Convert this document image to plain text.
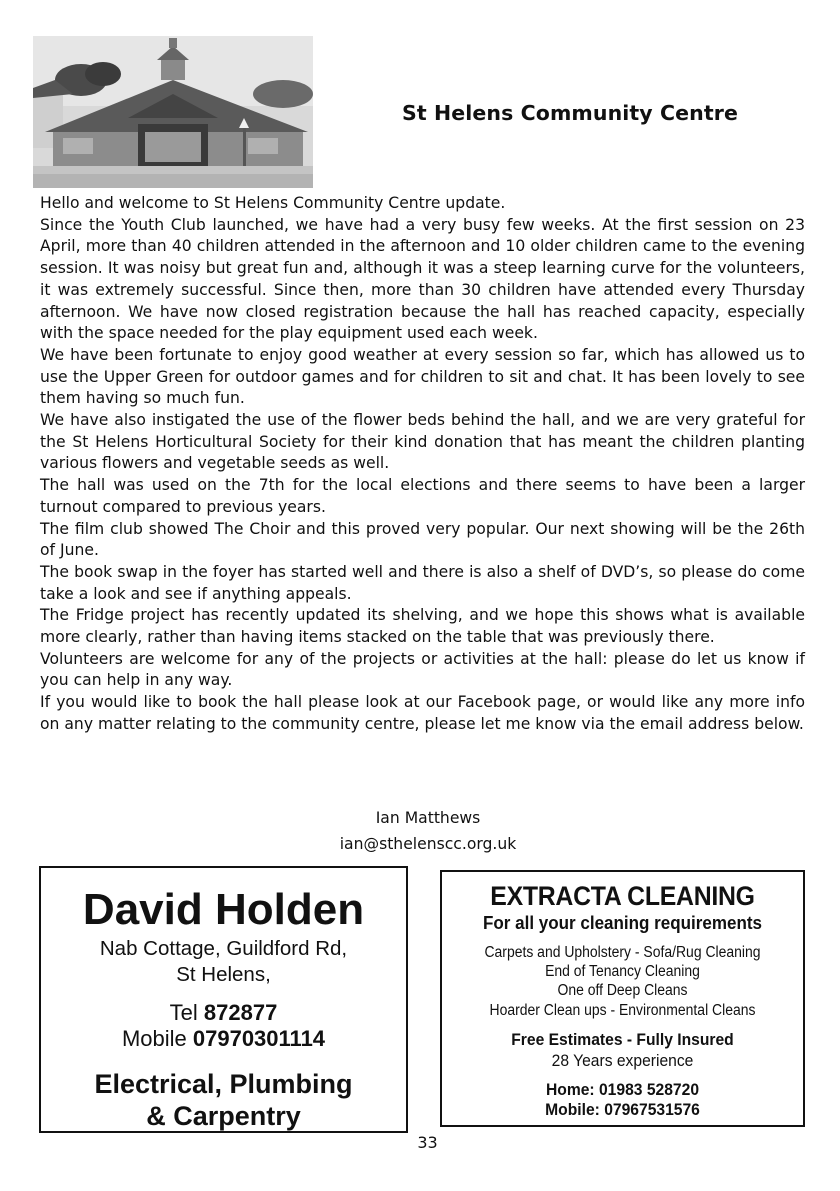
St Helens Community Centre

Hello and welcome to St Helens Community Centre update.

Since the Youth Club launched, we have had a very busy few weeks. At the first session on 23 April, more than 40 children attended in the afternoon and 10 older children came to the evening session. It was noisy but great fun and, although it was a steep learning curve for the volunteers, it was extremely successful. Since then, more than 30 children have attended every Thursday afternoon. We have now closed registration because the hall has reached capacity, especially with the space needed for the play equipment used each week.

We have been fortunate to enjoy good weather at every session so far, which has allowed us to use the Upper Green for outdoor games and for children to sit and chat. It has been lovely to see them having so much fun.

We have also instigated the use of the flower beds behind the hall, and we are very grateful for the St Helens Horticultural Society for their kind donation that has meant the children planting various flowers and vegetable seeds as well.

The hall was used on the 7th for the local elections and there seems to have been a larger turnout compared to previous years.

The film club showed The Choir and this proved very popular. Our next showing will be the 26th of June.

The book swap in the foyer has started well and there is also a shelf of DVD’s, so please do come take a look and see if anything appeals.

The Fridge project has recently updated its shelving, and we hope this shows what is available more clearly, rather than having items stacked on the table that was previously there.

Volunteers are welcome for any of the projects or activities at the hall: please do let us know if you can help in any way.

If you would like to book the hall please look at our Facebook page, or would like any more info on any matter relating to the community centre, please let me know via the email address below.

Ian Matthews
ian@sthelenscc.org.uk
David Holden
Nab Cottage, Guildford Rd,
St Helens,
Tel 872877
Mobile 07970301114
Electrical, Plumbing
& Carpentry
EXTRACTA CLEANING
For all your cleaning requirements
Carpets and Upholstery - Sofa/Rug Cleaning
End of Tenancy Cleaning
One off Deep Cleans
Hoarder Clean ups - Environmental Cleans
Free Estimates - Fully Insured
28 Years experience
Home: 01983 528720
Mobile: 07967531576
33
